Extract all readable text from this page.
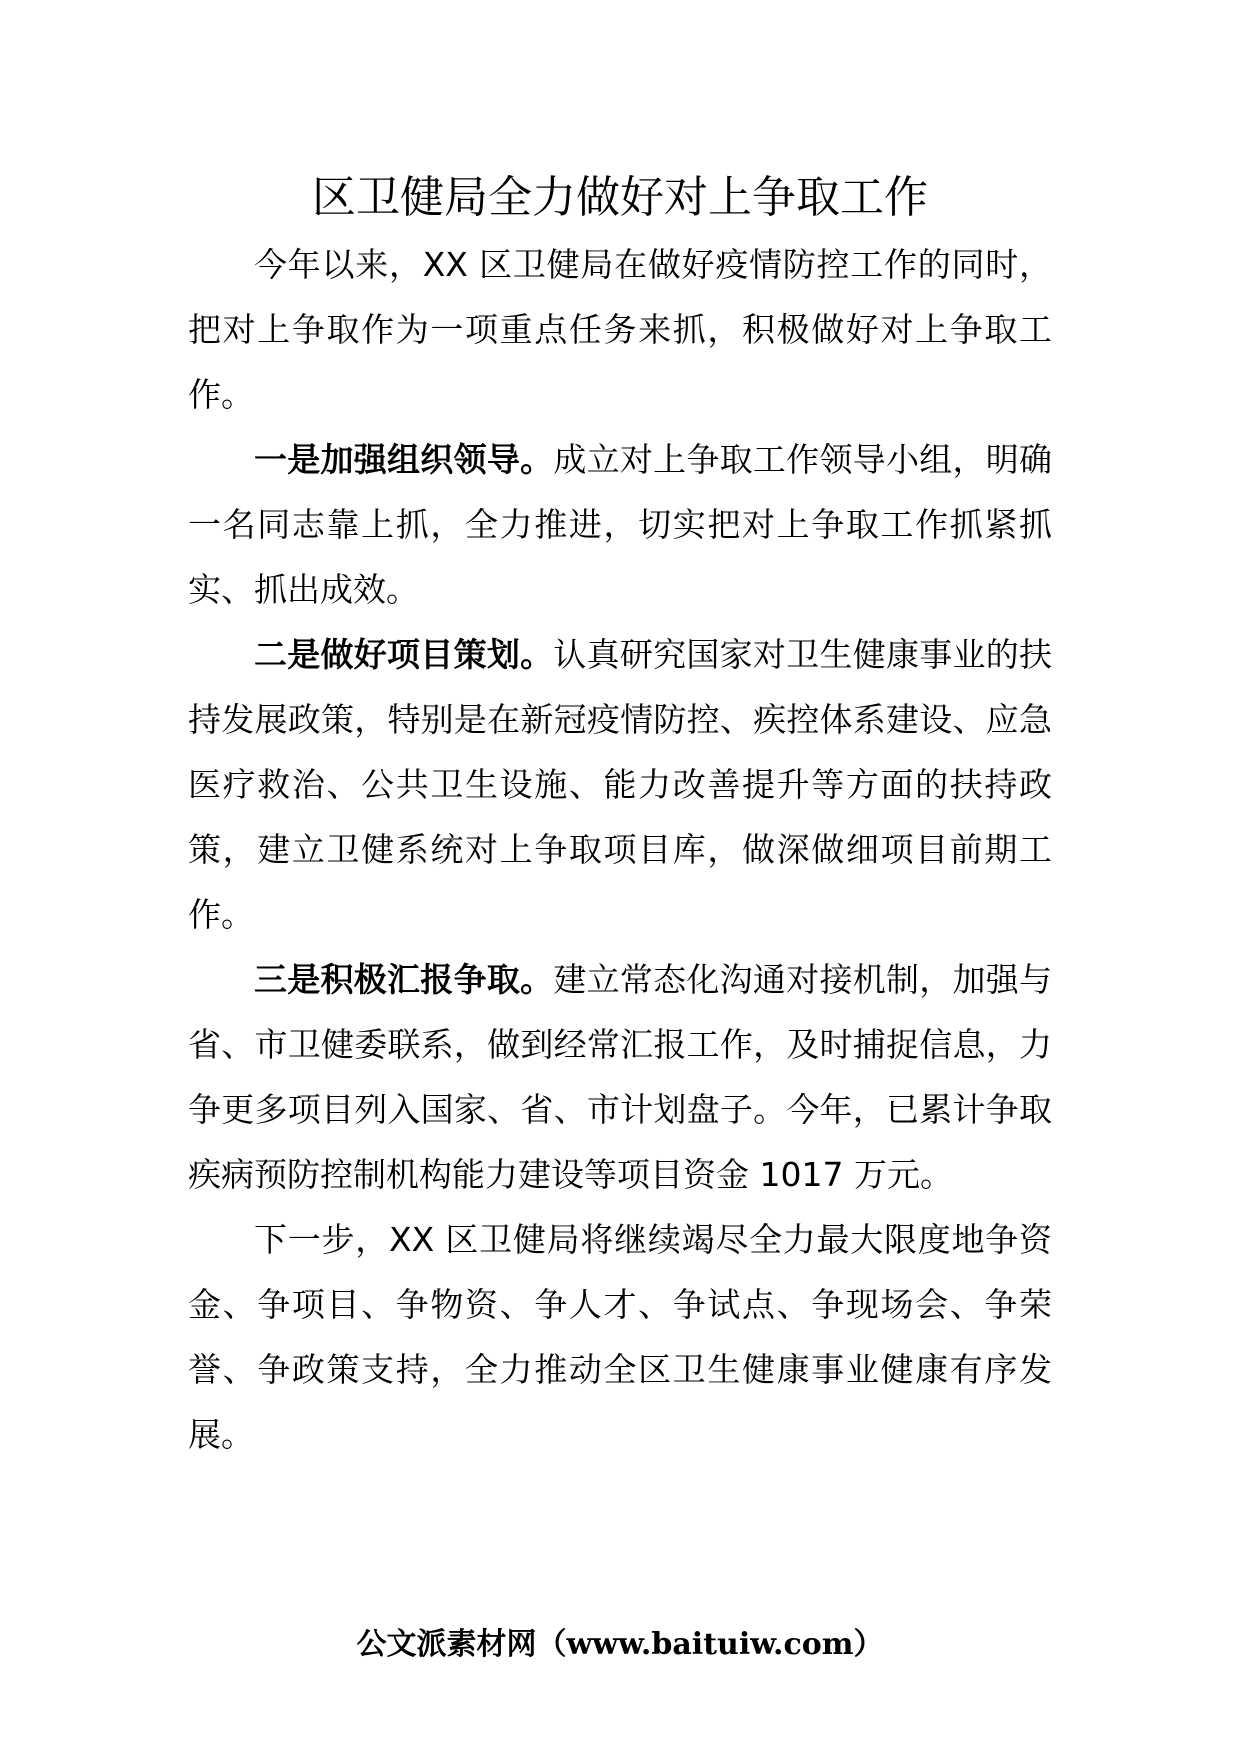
区卫健局全力做好对上争取工作

今年以来，XX 区卫健局在做好疫情防控工作的同时，把对上争取作为一项重点任务来抓，积极做好对上争取工作。

一是加强组织领导。成立对上争取工作领导小组，明确一名同志靠上抓，全力推进，切实把对上争取工作抓紧抓实、抓出成效。

二是做好项目策划。认真研究国家对卫生健康事业的扶持发展政策，特别是在新冠疫情防控、疾控体系建设、应急医疗救治、公共卫生设施、能力改善提升等方面的扶持政策，建立卫健系统对上争取项目库，做深做细项目前期工作。

三是积极汇报争取。建立常态化沟通对接机制，加强与省、市卫健委联系，做到经常汇报工作，及时捕捉信息，力争更多项目列入国家、省、市计划盘子。今年，已累计争取疾病预防控制机构能力建设等项目资金 1017 万元。

下一步，XX 区卫健局将继续竭尽全力最大限度地争资金、争项目、争物资、争人才、争试点、争现场会、争荣誉、争政策支持，全力推动全区卫生健康事业健康有序发展。

公文派素材网（www.baituiw.com）
